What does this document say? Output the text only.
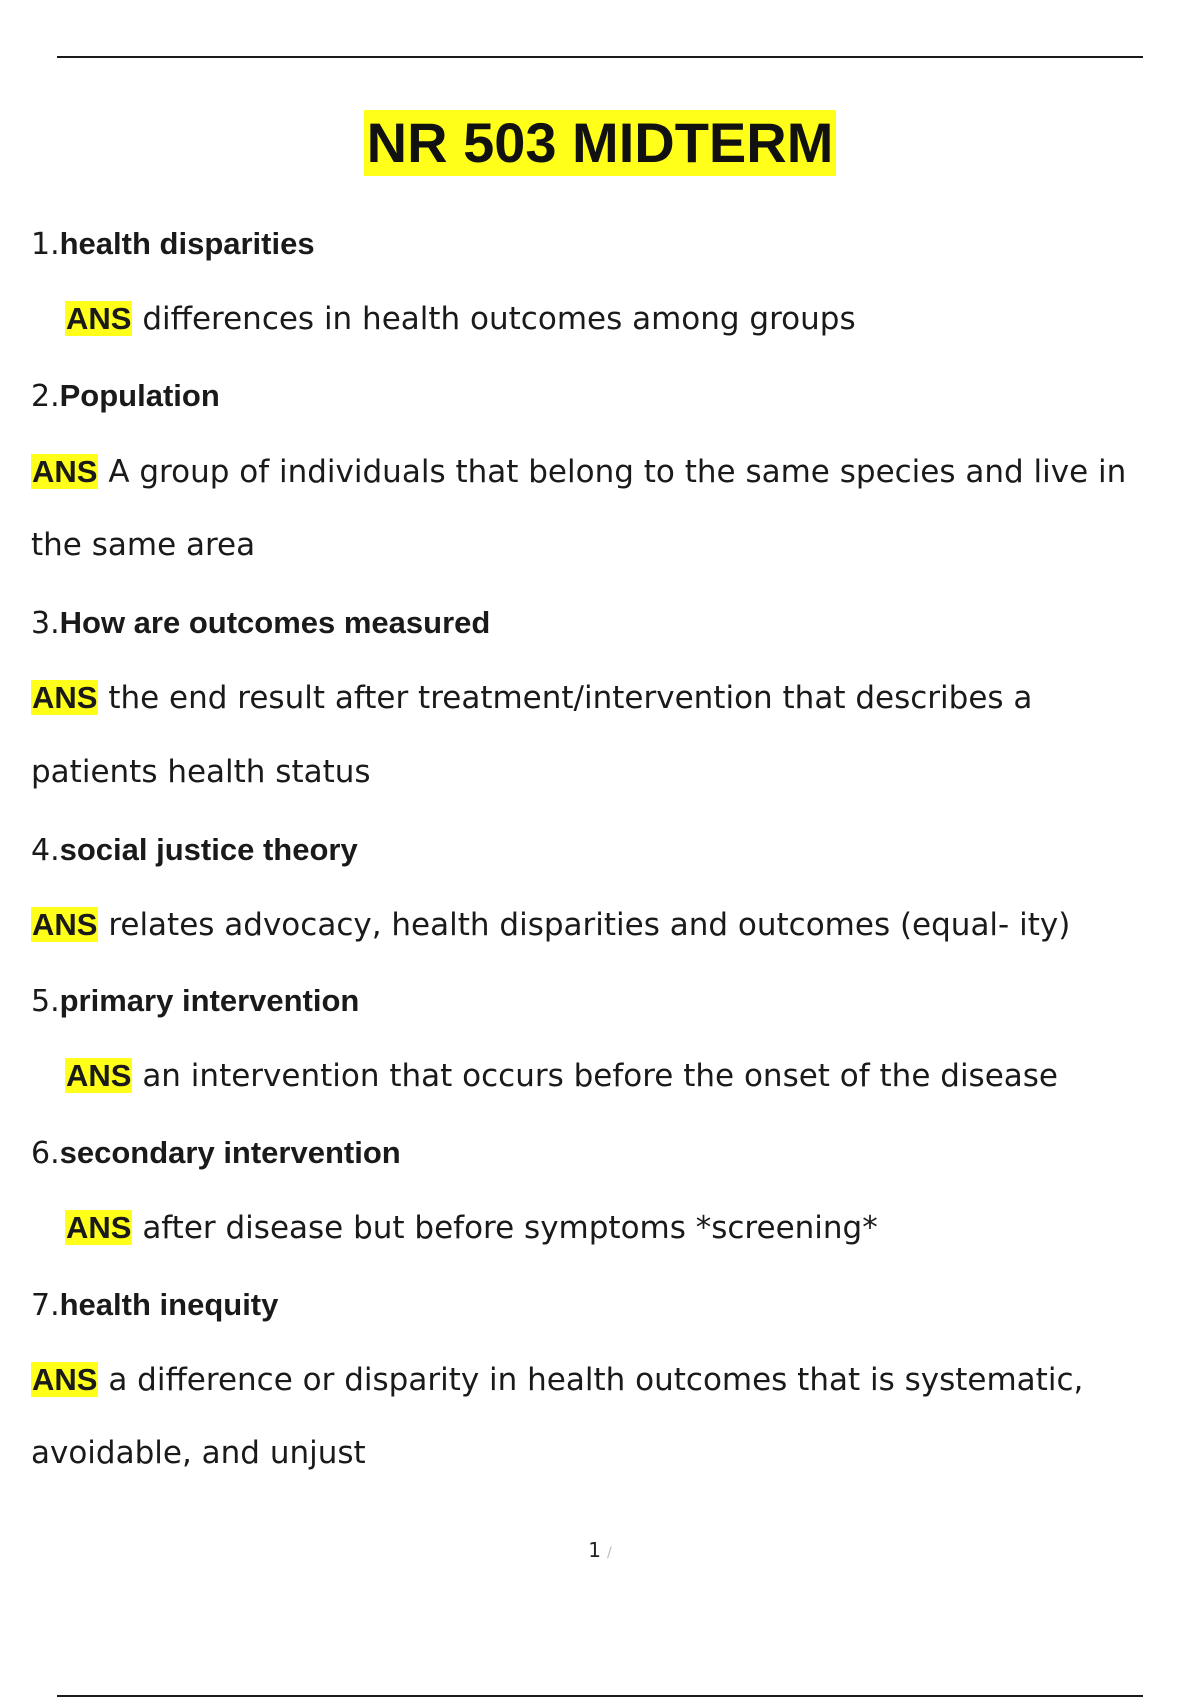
NR 503 MIDTERM
1.health disparities
ANS differences in health outcomes among groups
2.Population
ANS A group of individuals that belong to the same species and live in
the same area
3.How are outcomes measured
ANS the end result after treatment/intervention that describes a
patients health status
4.social justice theory
ANS relates advocacy, health disparities and outcomes (equal- ity)
5.primary intervention
ANS an intervention that occurs before the onset of the disease
6.secondary intervention
ANS after disease but before symptoms *screening*
7.health inequity
ANS a difference or disparity in health outcomes that is systematic,
avoidable, and unjust
1 /
